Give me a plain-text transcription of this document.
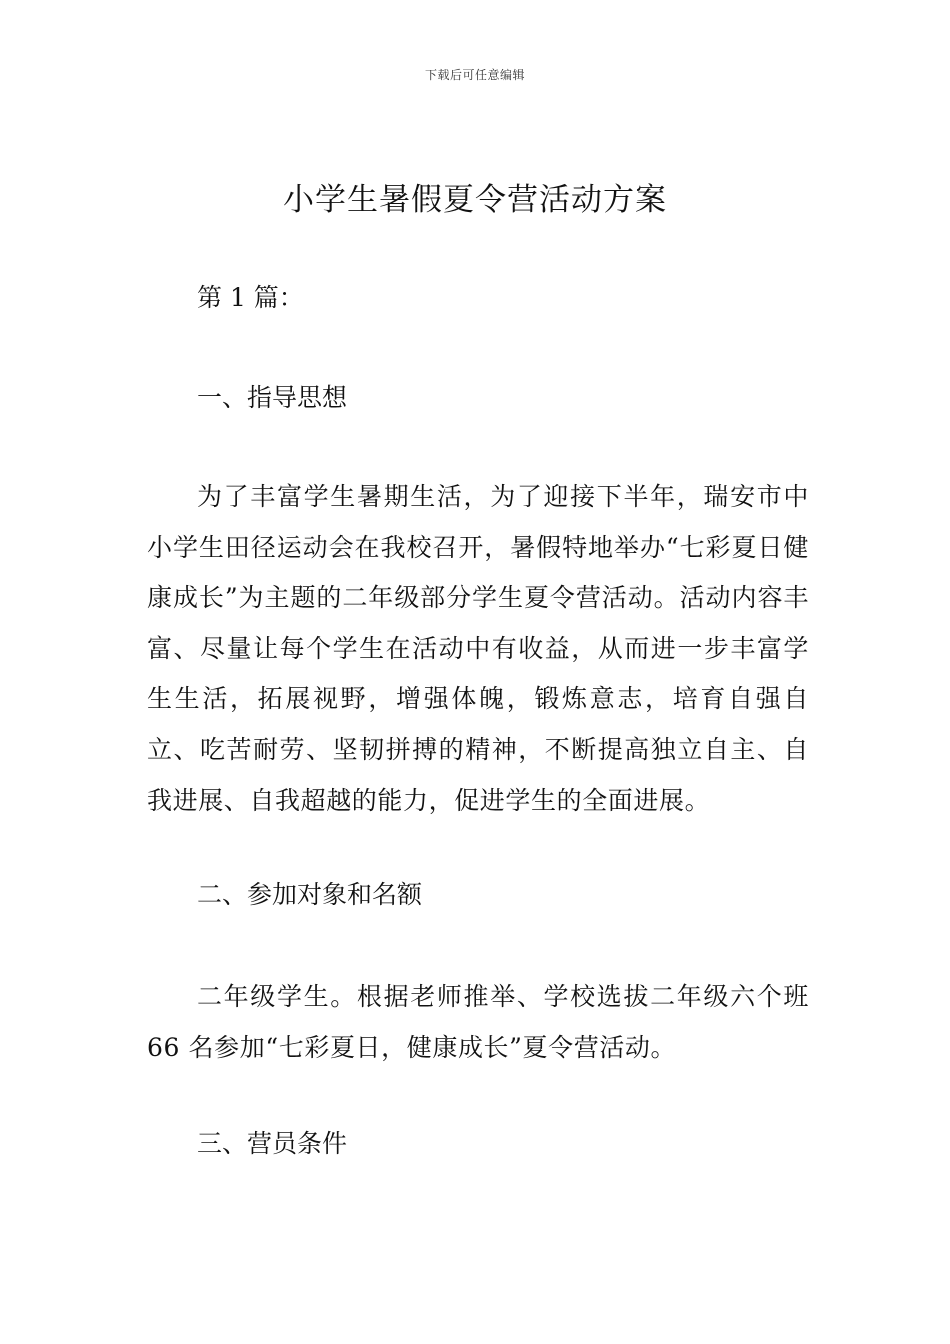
下载后可任意编辑
小学生暑假夏令营活动方案

第 1 篇：

一、指导思想

为了丰富学生暑期生活，为了迎接下半年，瑞安市中小学生田径运动会在我校召开，暑假特地举办“七彩夏日健康成长”为主题的二年级部分学生夏令营活动。活动内容丰富、尽量让每个学生在活动中有收益，从而进一步丰富学生生活，拓展视野，增强体魄，锻炼意志，培育自强自立、吃苦耐劳、坚韧拼搏的精神，不断提高独立自主、自我进展、自我超越的能力，促进学生的全面进展。

二、参加对象和名额

二年级学生。根据老师推举、学校选拔二年级六个班66 名参加“七彩夏日，健康成长”夏令营活动。

三、营员条件
